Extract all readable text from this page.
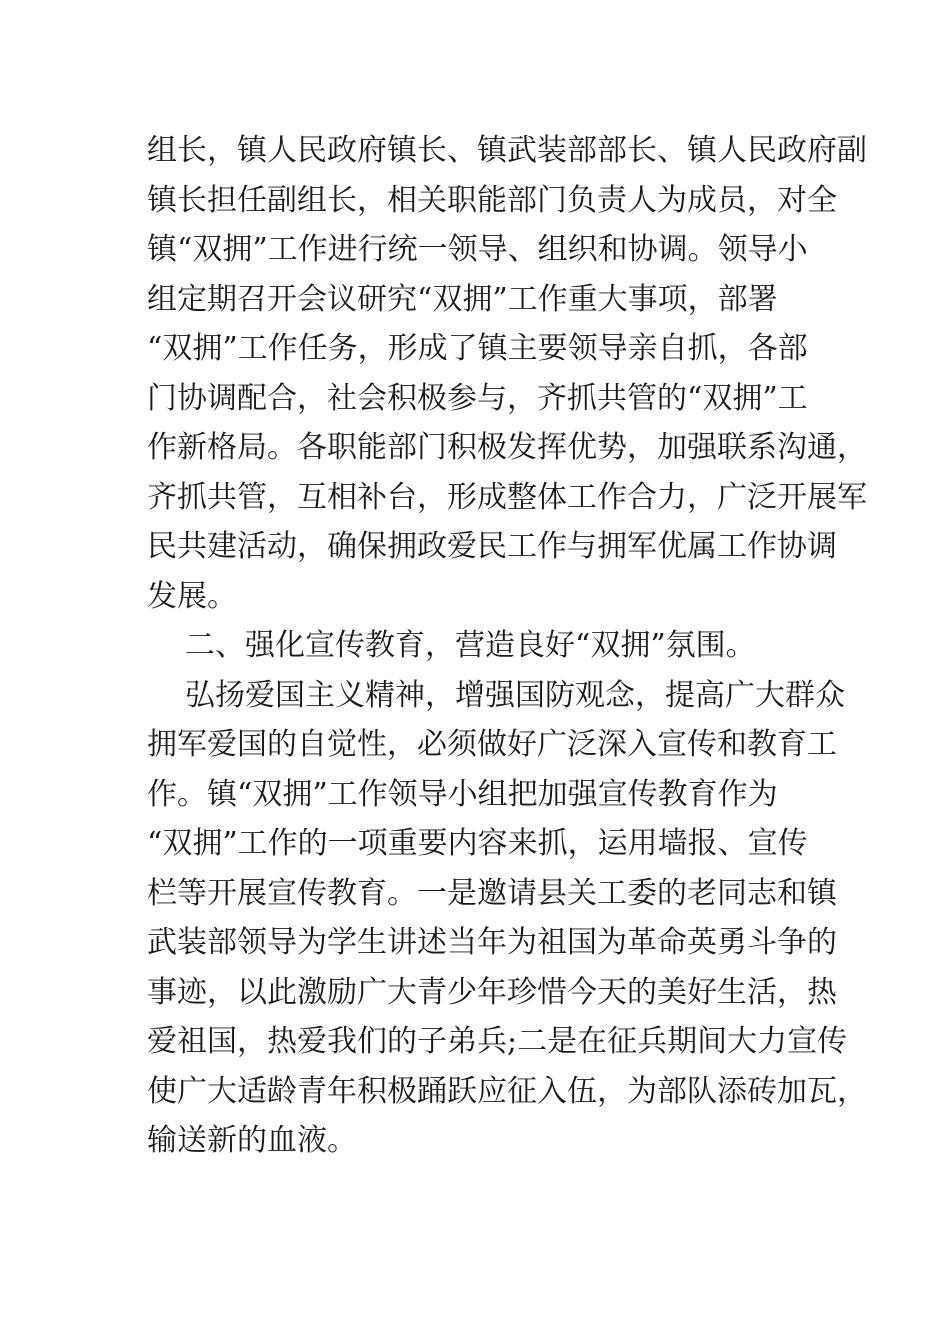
组长，镇人民政府镇长、镇武装部部长、镇人民政府副
镇长担任副组长，相关职能部门负责人为成员，对全
镇“双拥”工作进行统一领导、组织和协调。领导小
组定期召开会议研究“双拥”工作重大事项，部署
“双拥”工作任务，形成了镇主要领导亲自抓，各部
门协调配合，社会积极参与，齐抓共管的“双拥”工
作新格局。各职能部门积极发挥优势，加强联系沟通，
齐抓共管，互相补台，形成整体工作合力，广泛开展军
民共建活动，确保拥政爱民工作与拥军优属工作协调
发展。
二、强化宣传教育，营造良好“双拥”氛围。
弘扬爱国主义精神，增强国防观念，提高广大群众
拥军爱国的自觉性，必须做好广泛深入宣传和教育工
作。镇“双拥”工作领导小组把加强宣传教育作为
“双拥”工作的一项重要内容来抓，运用墙报、宣传
栏等开展宣传教育。一是邀请县关工委的老同志和镇
武装部领导为学生讲述当年为祖国为革命英勇斗争的
事迹，以此激励广大青少年珍惜今天的美好生活，热
爱祖国，热爱我们的子弟兵;二是在征兵期间大力宣传
使广大适龄青年积极踊跃应征入伍，为部队添砖加瓦，
输送新的血液。
